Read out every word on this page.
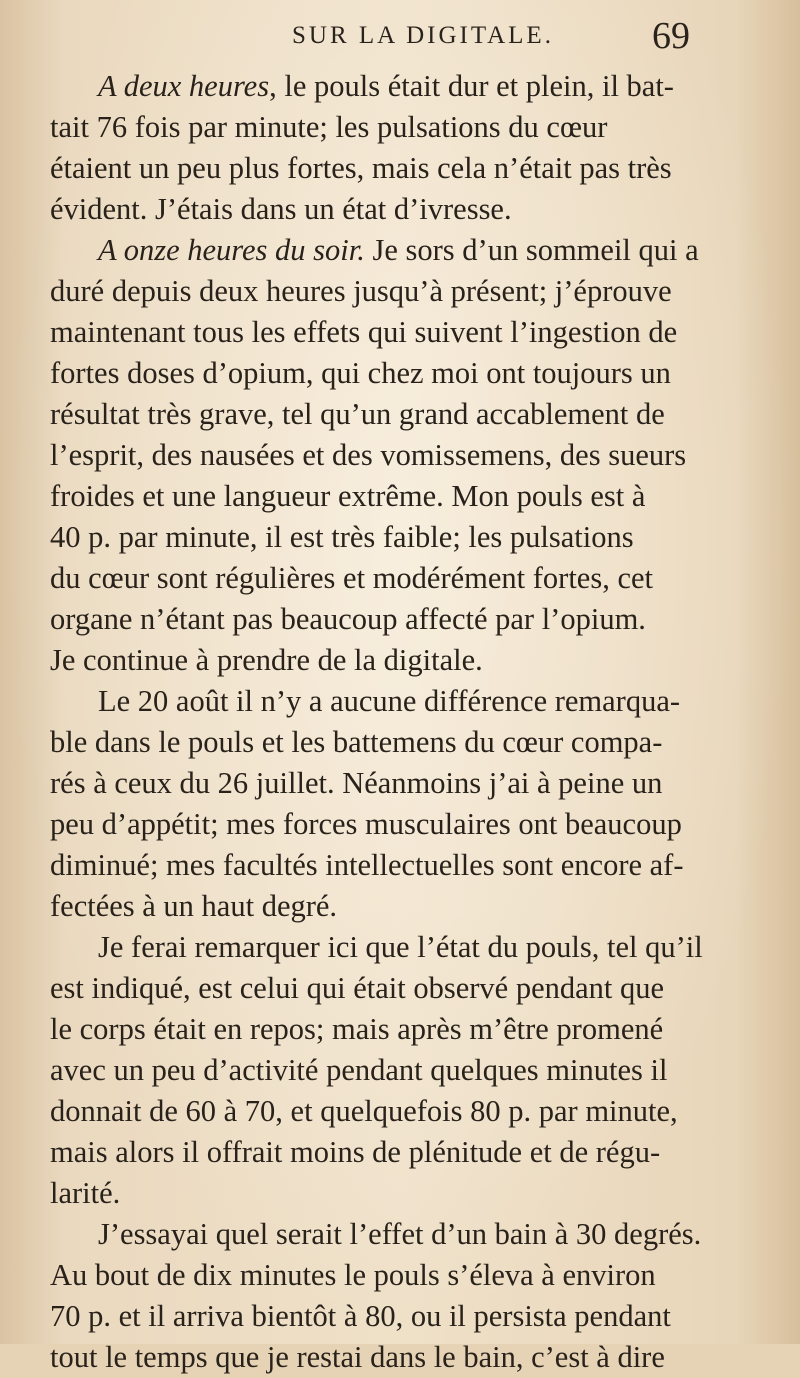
SUR LA DIGITALE.	69
A deux heures, le pouls était dur et plein, il bat-
tait 76 fois par minute; les pulsations du cœur
étaient un peu plus fortes, mais cela n’était pas très
évident. J’étais dans un état d’ivresse.
A onze heures du soir. Je sors d’un sommeil qui a
duré depuis deux heures jusqu’à présent; j’éprouve
maintenant tous les effets qui suivent l’ingestion de
fortes doses d’opium, qui chez moi ont toujours un
résultat très grave, tel qu’un grand accablement de
l’esprit, des nausées et des vomissemens, des sueurs
froides et une langueur extrême. Mon pouls est à
40 p. par minute, il est très faible; les pulsations
du cœur sont régulières et modérément fortes, cet
organe n’étant pas beaucoup affecté par l’opium.
Je continue à prendre de la digitale.
Le 20 août il n’y a aucune différence remarqua-
ble dans le pouls et les battemens du cœur compa-
rés à ceux du 26 juillet. Néanmoins j’ai à peine un
peu d’appétit; mes forces musculaires ont beaucoup
diminué; mes facultés intellectuelles sont encore af-
fectées à un haut degré.
Je ferai remarquer ici que l’état du pouls, tel qu’il
est indiqué, est celui qui était observé pendant que
le corps était en repos; mais après m’être promené
avec un peu d’activité pendant quelques minutes il
donnait de 60 à 70, et quelquefois 80 p. par minute,
mais alors il offrait moins de plénitude et de régu-
larité.
J’essayai quel serait l’effet d’un bain à 30 degrés.
Au bout de dix minutes le pouls s’éleva à environ
70 p. et il arriva bientôt à 80, ou il persista pendant
tout le temps que je restai dans le bain, c’est à dire
